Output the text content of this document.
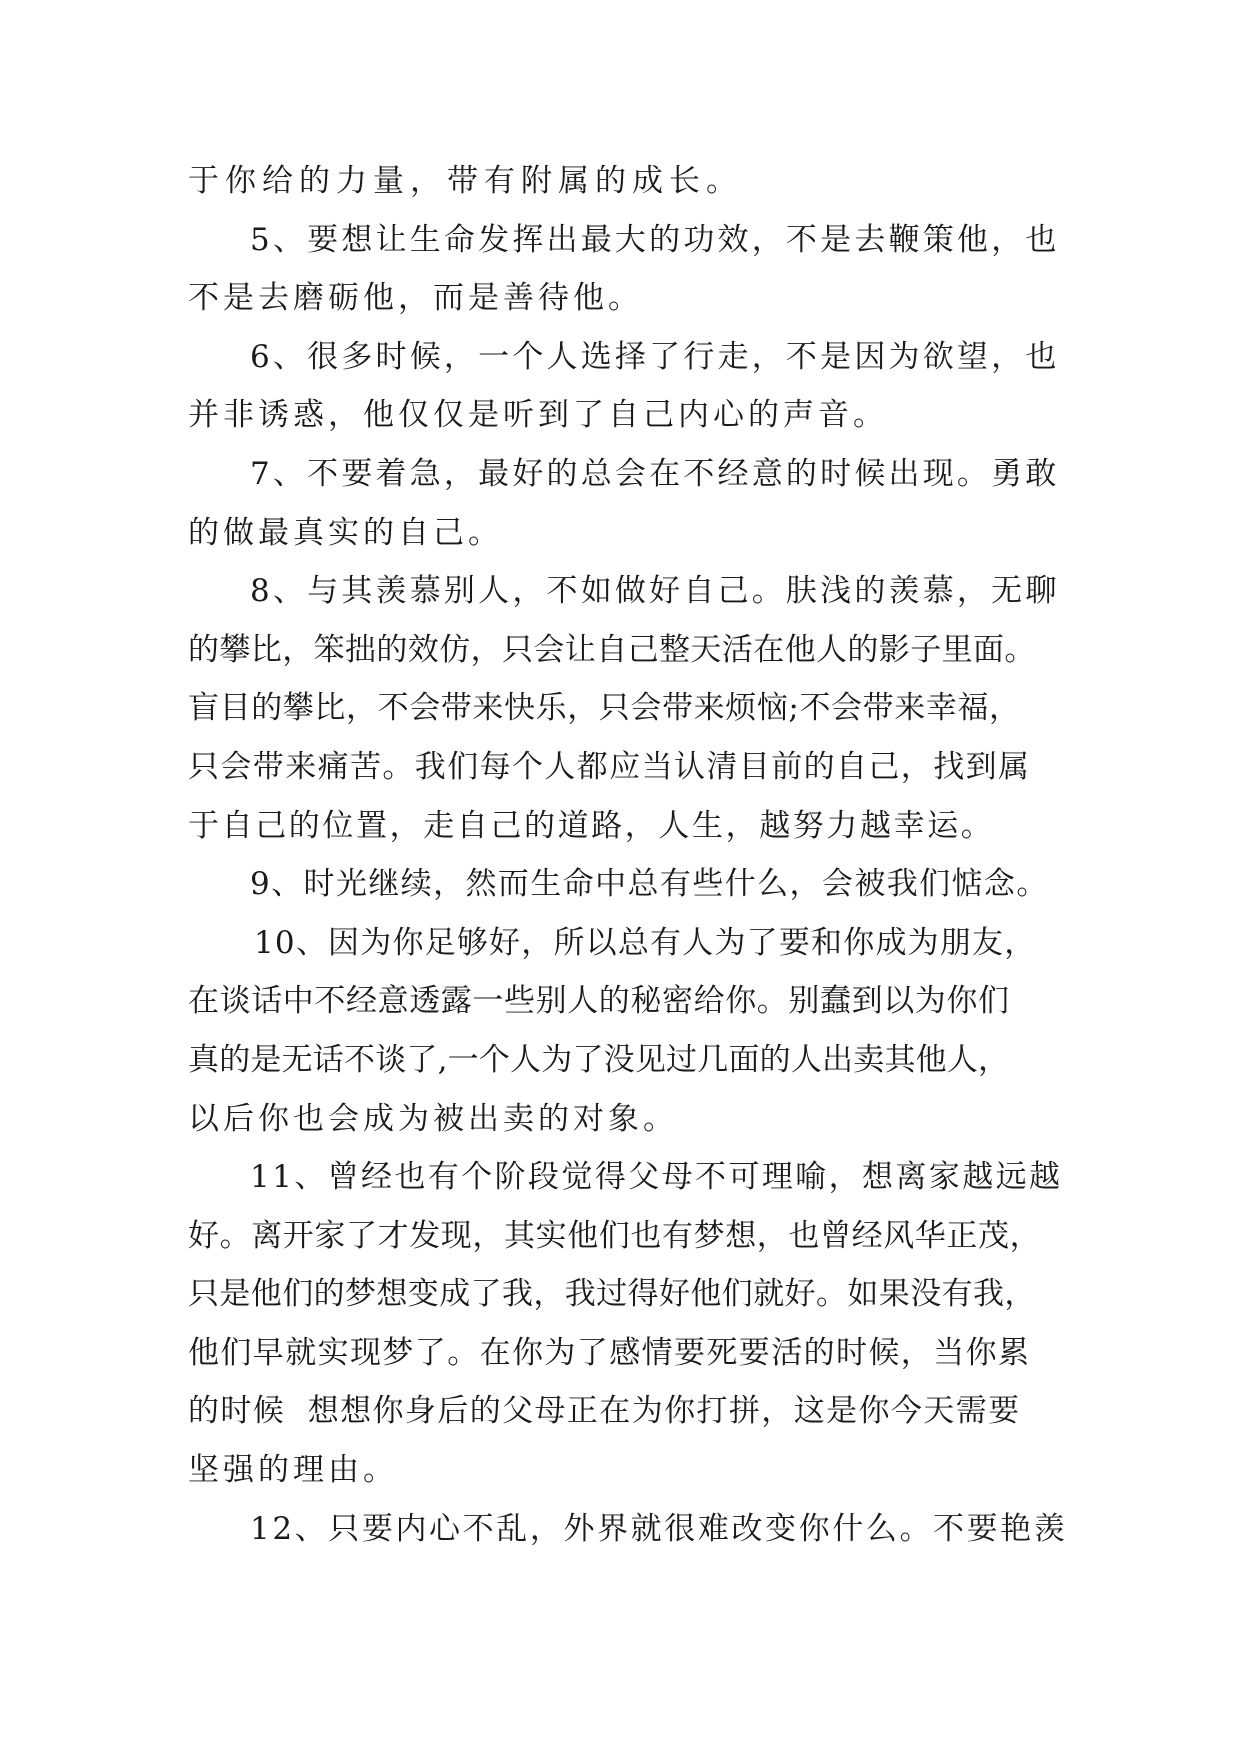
于你给的力量，带有附属的成长。
5、要想让生命发挥出最大的功效，不是去鞭策他，也
不是去磨砺他，而是善待他。
6、很多时候，一个人选择了行走，不是因为欲望，也
并非诱惑，他仅仅是听到了自己内心的声音。
7、不要着急，最好的总会在不经意的时候出现。勇敢
的做最真实的自己。
8、与其羡慕别人，不如做好自己。肤浅的羡慕，无聊
的攀比，笨拙的效仿，只会让自己整天活在他人的影子里面。
盲目的攀比，不会带来快乐，只会带来烦恼;不会带来幸福，
只会带来痛苦。我们每个人都应当认清目前的自己，找到属
于自己的位置，走自己的道路，人生，越努力越幸运。
9、时光继续，然而生命中总有些什么，会被我们惦念。
10、因为你足够好，所以总有人为了要和你成为朋友，
在谈话中不经意透露一些别人的秘密给你。别蠢到以为你们
真的是无话不谈了,一个人为了没见过几面的人出卖其他人，
以后你也会成为被出卖的对象。
11、曾经也有个阶段觉得父母不可理喻，想离家越远越
好。离开家了才发现，其实他们也有梦想，也曾经风华正茂，
只是他们的梦想变成了我，我过得好他们就好。如果没有我，
他们早就实现梦了。在你为了感情要死要活的时候，当你累
的时候  想想你身后的父母正在为你打拼，这是你今天需要
坚强的理由。
12、只要内心不乱，外界就很难改变你什么。不要艳羡
